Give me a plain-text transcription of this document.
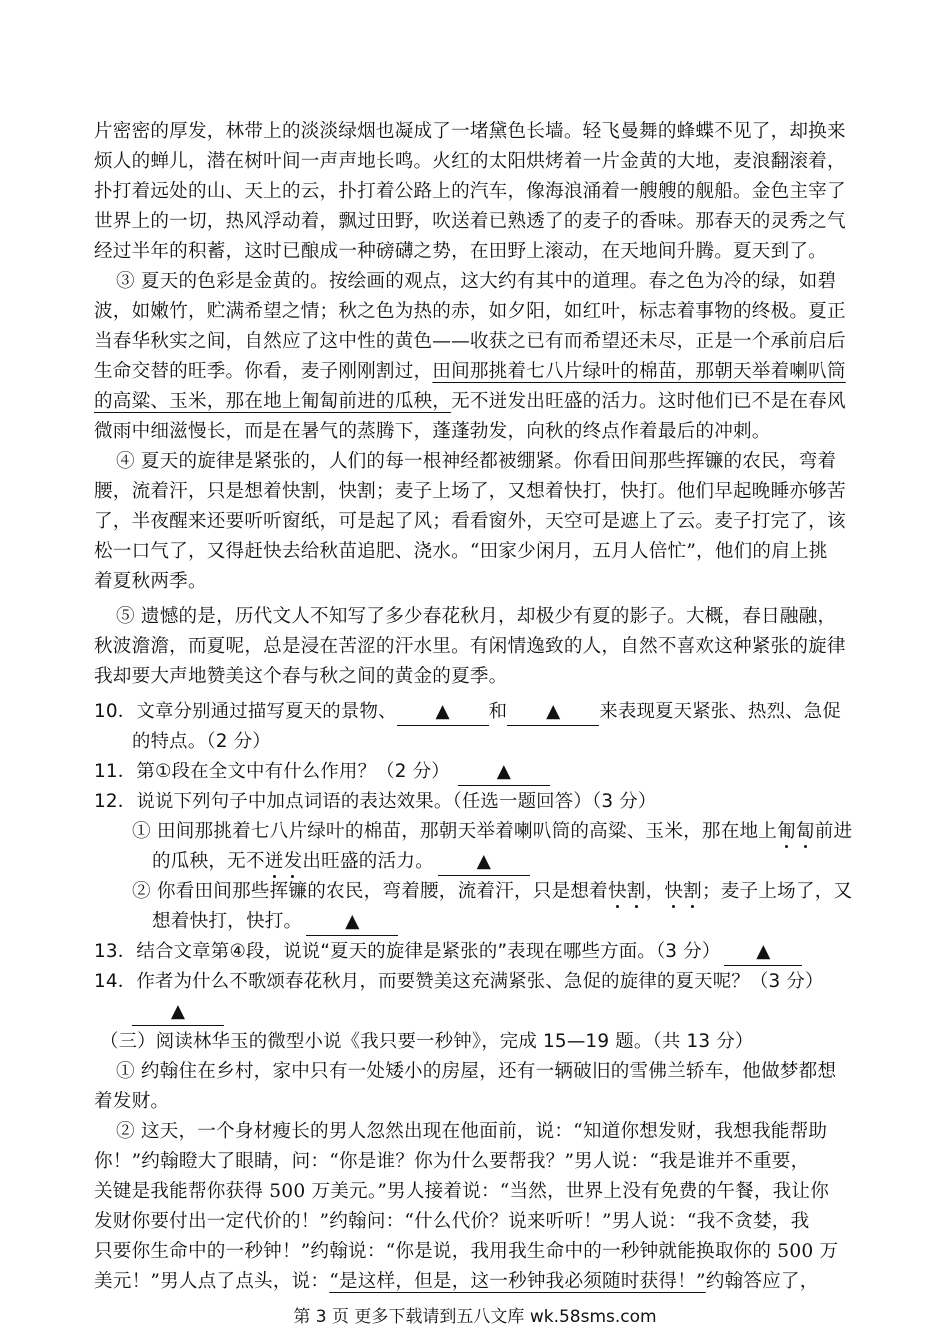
片密密的厚发，林带上的淡淡绿烟也凝成了一堵黛色长墙。轻飞曼舞的蜂蝶不见了，却换来
烦人的蝉儿，潜在树叶间一声声地长鸣。火红的太阳烘烤着一片金黄的大地，麦浪翻滚着，
扑打着远处的山、天上的云，扑打着公路上的汽车，像海浪涌着一艘艘的舰船。金色主宰了
世界上的一切，热风浮动着，飘过田野，吹送着已熟透了的麦子的香味。那春天的灵秀之气
经过半年的积蓄，这时已酿成一种磅礴之势，在田野上滚动，在天地间升腾。夏天到了。
③ 夏天的色彩是金黄的。按绘画的观点，这大约有其中的道理。春之色为冷的绿，如碧
波，如嫩竹，贮满希望之情；秋之色为热的赤，如夕阳，如红叶，标志着事物的终极。夏正
当春华秋实之间，自然应了这中性的黄色——收获之已有而希望还未尽，正是一个承前启后
生命交替的旺季。你看，麦子刚刚割过，田间那挑着七八片绿叶的棉苗，那朝天举着喇叭筒
的高粱、玉米，那在地上匍匐前进的瓜秧，无不迸发出旺盛的活力。这时他们已不是在春风
微雨中细滋慢长，而是在暑气的蒸腾下，蓬蓬勃发，向秋的终点作着最后的冲刺。
④ 夏天的旋律是紧张的，人们的每一根神经都被绷紧。你看田间那些挥镰的农民，弯着
腰，流着汗，只是想着快割，快割；麦子上场了，又想着快打，快打。他们早起晚睡亦够苦
了，半夜醒来还要听听窗纸，可是起了风；看看窗外，天空可是遮上了云。麦子打完了，该
松一口气了，又得赶快去给秋苗追肥、浇水。“田家少闲月，五月人倍忙”，他们的肩上挑
着夏秋两季。
⑤ 遗憾的是，历代文人不知写了多少春花秋月，却极少有夏的影子。大概，春日融融，
秋波澹澹，而夏呢，总是浸在苦涩的汗水里。有闲情逸致的人，自然不喜欢这种紧张的旋律
我却要大声地赞美这个春与秋之间的黄金的夏季。
10．文章分别通过描写夏天的景物、 ▲ 和 ▲ 来表现夏天紧张、热烈、急促
的特点。（2 分）
11．第①段在全文中有什么作用？（2 分）	▲
12．说说下列句子中加点词语的表达效果。（任选一题回答）（3 分）
① 田间那挑着七八片绿叶的棉苗，那朝天举着喇叭筒的高粱、玉米，那在地上匍匐前进
的瓜秧，无不迸发出旺盛的活力。 ▲
② 你看田间那些挥镰的农民，弯着腰，流着汗，只是想着快割，快割；麦子上场了，又
想着快打，快打。 ▲
13．结合文章第④段，说说“夏天的旋律是紧张的”表现在哪些方面。（3 分） ▲
14．作者为什么不歌颂春花秋月，而要赞美这充满紧张、急促的旋律的夏天呢？（3 分）
▲
（三）阅读林华玉的微型小说《我只要一秒钟》，完成 15—19 题。（共 13 分）
① 约翰住在乡村，家中只有一处矮小的房屋，还有一辆破旧的雪佛兰轿车，他做梦都想
着发财。
② 这天，一个身材瘦长的男人忽然出现在他面前，说：“知道你想发财，我想我能帮助
你！”约翰瞪大了眼睛，问：“你是谁？你为什么要帮我？”男人说：“我是谁并不重要，
关键是我能帮你获得 500 万美元。”男人接着说：“当然，世界上没有免费的午餐，我让你
发财你要付出一定代价的！”约翰问：“什么代价？说来听听！”男人说：“我不贪婪，我
只要你生命中的一秒钟！”约翰说：“你是说，我用我生命中的一秒钟就能换取你的 500 万
美元！”男人点了点头，说：“是这样，但是，这一秒钟我必须随时获得！”约翰答应了，
第 3 页 更多下载请到五八文库 wk.58sms.com
